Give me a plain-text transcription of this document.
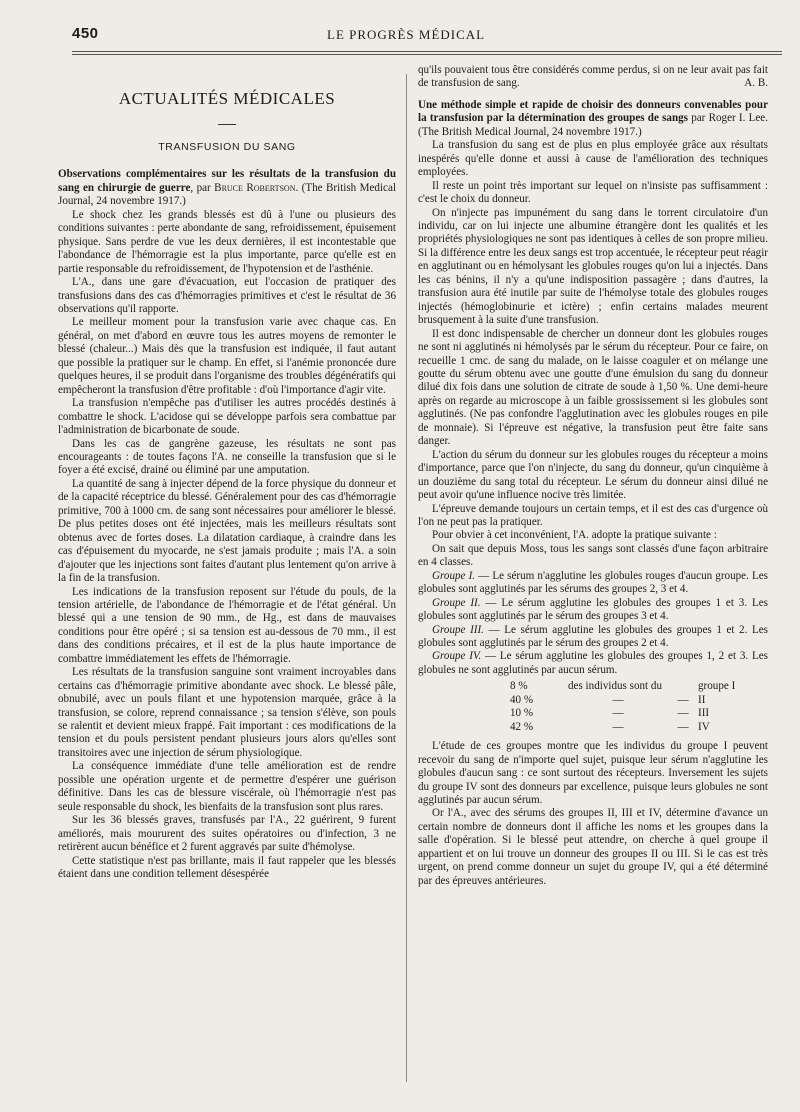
450	LE PROGRÈS MÉDICAL
ACTUALITÉS MÉDICALES
TRANSFUSION DU SANG

Observations complémentaires sur les résultats de la transfusion du sang en chirurgie de guerre, par Bruce Robertson. (The British Medical Journal, 24 novembre 1917.)

Le shock chez les grands blessés est dû à l'une ou plusieurs des conditions suivantes : perte abondante de sang, refroidissement, épuisement physique. Sans perdre de vue les deux dernières, il est incontestable que l'abondance de l'hémorragie est la plus importante, parce qu'elle est en partie responsable du refroidissement, de l'hypotension et de l'asthénie.

L'A., dans une gare d'évacuation, eut l'occasion de pratiquer des transfusions dans des cas d'hémorragies primitives et c'est le résultat de 36 observations qu'il rapporte.

Le meilleur moment pour la transfusion varie avec chaque cas. En général, on met d'abord en œuvre tous les autres moyens de remonter le blessé (chaleur...) Mais dès que la transfusion est indiquée, il faut autant que possible la pratiquer sur le champ. En effet, si l'anémie prononcée dure quelques heures, il se produit dans l'organisme des troubles dégénératifs qui empêcheront la transfusion d'être profitable : d'où l'importance d'agir vite.

La transfusion n'empêche pas d'utiliser les autres procédés destinés à combattre le shock. L'acidose qui se développe parfois sera combattue par l'administration de bicarbonate de soude.

Dans les cas de gangrène gazeuse, les résultats ne sont pas encourageants : de toutes façons l'A. ne conseille la transfusion que si le foyer a été excisé, drainé ou éliminé par une amputation.

La quantité de sang à injecter dépend de la force physique du donneur et de la capacité réceptrice du blessé. Généralement pour des cas d'hémorragie primitive, 700 à 1000 cm. de sang sont nécessaires pour améliorer le blessé. De plus petites doses ont été injectées, mais les meilleurs résultats sont obtenus avec de fortes doses. La dilatation cardiaque, à craindre dans les cas d'épuisement du myocarde, ne s'est jamais produite ; mais l'A. a soin d'ajouter que les injections sont faites d'autant plus lentement qu'on arrive à la fin de la transfusion.

Les indications de la transfusion reposent sur l'étude du pouls, de la tension artérielle, de l'abondance de l'hémorragie et de l'état général. Un blessé qui a une tension de 90 mm., de Hg., est dans de mauvaises conditions pour être opéré ; si sa tension est au-dessous de 70 mm., il est dans des conditions précaires, et il est de la plus haute importance de combattre immédiatement les effets de l'hémorragie.

Les résultats de la transfusion sanguine sont vraiment incroyables dans certains cas d'hémorragie primitive abondante avec shock. Le blessé pâle, obnubilé, avec un pouls filant et une hypotension marquée, grâce à la transfusion, se colore, reprend connaissance ; sa tension s'élève, son pouls se ralentit et devient mieux frappé. Fait important : ces modifications de la tension et du pouls persistent pendant plusieurs jours alors qu'elles sont transitoires avec une injection de sérum physiologique.

La conséquence immédiate d'une telle amélioration est de rendre possible une opération urgente et de permettre d'espérer une guérison définitive. Dans les cas de blessure viscérale, où l'hémorragie n'est pas seule responsable du shock, les bienfaits de la transfusion sont plus rares.

Sur les 36 blessés graves, transfusés par l'A., 22 guérirent, 9 furent améliorés, mais moururent des suites opératoires ou d'infection, 3 ne retirèrent aucun bénéfice et 2 furent aggravés par suite d'hémolyse.

Cette statistique n'est pas brillante, mais il faut rappeler que les blessés étaient dans une condition tellement désespérée

qu'ils pouvaient tous être considérés comme perdus, si on ne leur avait pas fait de transfusion de sang.	A. B.

Une méthode simple et rapide de choisir des donneurs convenables pour la transfusion par la détermination des groupes de sangs par Roger I. Lee. (The British Medical Journal, 24 novembre 1917.)

La transfusion du sang est de plus en plus employée grâce aux résultats inespérés qu'elle donne et aussi à cause de l'amélioration des techniques employées.

Il reste un point très important sur lequel on n'insiste pas suffisamment : c'est le choix du donneur.

On n'injecte pas impunément du sang dans le torrent circulatoire d'un individu, car on lui injecte une albumine étrangère dont les qualités et les propriétés physiologiques ne sont pas identiques à celles de son propre milieu. Si la différence entre les deux sangs est trop accentuée, le récepteur peut réagir en agglutinant ou en hémolysant les globules rouges qu'on lui a injectés. Dans les cas bénins, il n'y a qu'une indisposition passagère ; dans d'autres, la transfusion aura été inutile par suite de l'hémolyse totale des globules rouges injectés (hémoglobinurie et ictère) ; enfin certains malades meurent brusquement à la suite d'une transfusion.

Il est donc indispensable de chercher un donneur dont les globules rouges ne sont ni agglutinés ni hémolysés par le sérum du récepteur. Pour ce faire, on recueille 1 cmc. de sang du malade, on le laisse coaguler et on mélange une goutte du sérum obtenu avec une goutte d'une émulsion du sang du donneur dilué dix fois dans une solution de citrate de soude à 1,50 %. Une demi-heure après on regarde au microscope à un faible grossissement si les globules sont agglutinés. (Ne pas confondre l'agglutination avec les globules rouges en pile de monnaie). Si l'épreuve est négative, la transfusion peut être faite sans danger.

L'action du sérum du donneur sur les globules rouges du récepteur a moins d'importance, parce que l'on n'injecte, du sang du donneur, qu'un cinquième à un douzième du sang total du récepteur. Le sérum du donneur ainsi dilué ne peut avoir qu'une influence nocive très limitée.

L'épreuve demande toujours un certain temps, et il est des cas d'urgence où l'on ne peut pas la pratiquer.

Pour obvier à cet inconvénient, l'A. adopte la pratique suivante :

On sait que depuis Moss, tous les sangs sont classés d'une façon arbitraire en 4 classes.

Groupe I. — Le sérum n'agglutine les globules rouges d'aucun groupe. Les globules sont agglutinés par les sérums des groupes 2, 3 et 4.

Groupe II. — Le sérum agglutine les globules des groupes 1 et 3. Les globules sont agglutinés par le sérum des groupes 3 et 4.

Groupe III. — Le sérum agglutine les globules des groupes 1 et 2. Les globules sont agglutinés par le sérum des groupes 2 et 4.

Groupe IV. — Le sérum agglutine les globules des groupes 1, 2 et 3. Les globules ne sont agglutinés par aucun sérum.

8 %	des individus sont du		groupe I
40 %	—	—	II
10 %	—	—	III
42 %	—	—	IV

L'étude de ces groupes montre que les individus du groupe I peuvent recevoir du sang de n'importe quel sujet, puisque leur sérum n'agglutine les globules d'aucun sang : ce sont surtout des récepteurs. Inversement les sujets du groupe IV sont des donneurs par excellence, puisque leurs globules ne sont agglutinés par aucun sérum.

Or l'A., avec des sérums des groupes II, III et IV, détermine d'avance un certain nombre de donneurs dont il affiche les noms et les groupes dans la salle d'opération. Si le blessé peut attendre, on cherche à quel groupe il appartient et on lui trouve un donneur des groupes II ou III. Si le cas est très urgent, on prend comme donneur un sujet du groupe IV, qui a été déterminé par des épreuves antérieures.
